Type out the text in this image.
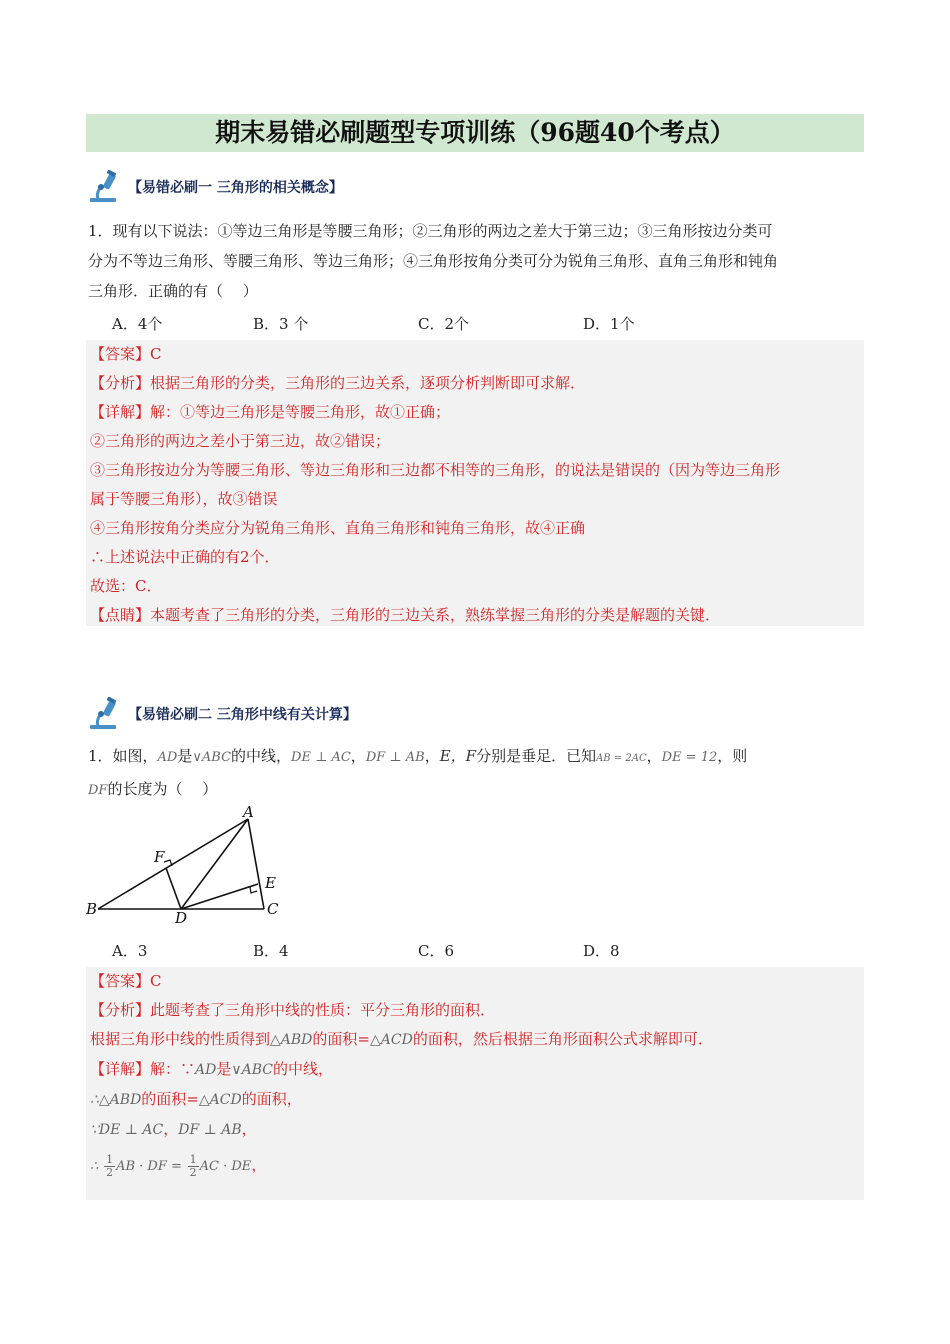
期末易错必刷题型专项训练（96题40个考点）
【易错必刷一 三角形的相关概念】
1．现有以下说法：①等边三角形是等腰三角形；②三角形的两边之差大于第三边；③三角形按边分类可
分为不等边三角形、等腰三角形、等边三角形；④三角形按角分类可分为锐角三角形、直角三角形和钝角
三角形．正确的有（　 ）
A．4个	B．3 个	C．2个	D．1个
【答案】C
【分析】根据三角形的分类，三角形的三边关系，逐项分析判断即可求解．
【详解】解：①等边三角形是等腰三角形，故①正确；
②三角形的两边之差小于第三边，故②错误；
③三角形按边分为等腰三角形、等边三角形和三边都不相等的三角形，的说法是错误的（因为等边三角形
属于等腰三角形），故③错误
④三角形按角分类应分为锐角三角形、直角三角形和钝角三角形，故④正确
∴上述说法中正确的有2个．
故选：C．
【点睛】本题考查了三角形的分类，三角形的三边关系，熟练掌握三角形的分类是解题的关键．
【易错必刷二 三角形中线有关计算】
1．如图，AD是∨ABC的中线，DE ⊥ AC，DF ⊥ AB，E，F分别是垂足．已知AB = 2AC，DE = 12，则
DF的长度为（　 ）
A
B	C
D
E
F
A．3	B．4	C．6	D．8
【答案】C
【分析】此题考查了三角形中线的性质：平分三角形的面积．
根据三角形中线的性质得到△ABD的面积=△ACD的面积，然后根据三角形面积公式求解即可．
【详解】解：∵AD是∨ABC的中线，
∴△ABD的面积=△ACD的面积，
∵DE ⊥ AC，DF ⊥ AB，
∴ $\frac{1}{2}$ AB · DF = $\frac{1}{2}$ AC · DE，
